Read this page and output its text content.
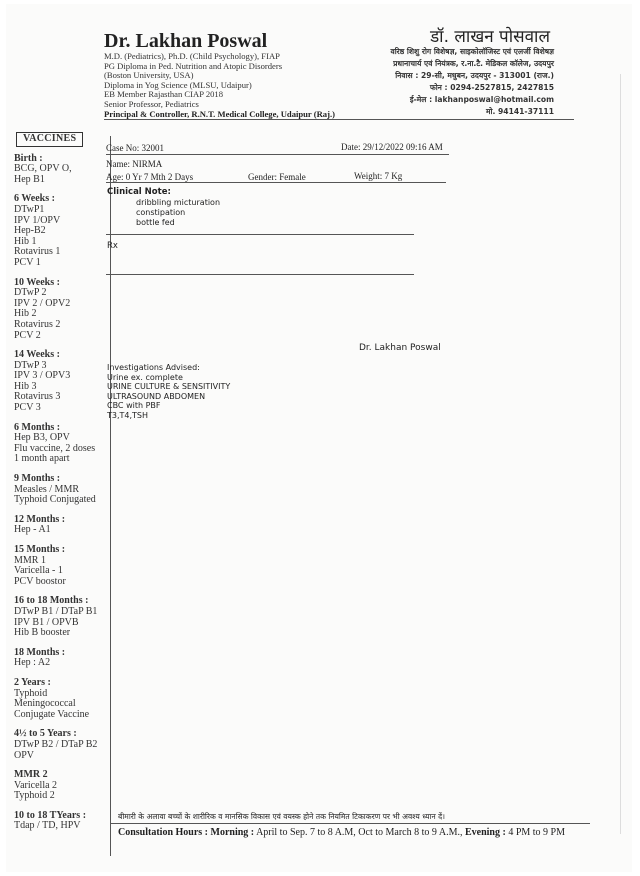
Dr. Lakhan Poswal
M.D. (Pediatrics), Ph.D. (Child Psychology), FIAP
PG Diploma in Ped. Nutrition and Atopic Disorders
(Boston University, USA)
Diploma in Yog Science (MLSU, Udaipur)
EB Member Rajasthan CIAP 2018
Senior Professor, Pediatrics
Principal & Controller, R.N.T. Medical College, Udaipur (Raj.)
डॉ. लाखन पोसवाल
वरिष्ठ शिशु रोग विशेषज्ञ, साइकोलॉजिस्ट एवं एलर्जी विशेषज्ञ
प्रधानाचार्य एवं नियंत्रक, र.ना.टै. मेडिकल कॉलेज, उदयपुर
निवास : 29-सी, मधुबन, उदयपुर - 313001 (राज.)
फोन : 0294-2527815, 2427815
ई-मेल : lakhanposwal@hotmail.com
मो. 94141-37111
VACCINES
Birth :
BCG, OPV O,
Hep B1
6 Weeks :
DTwP1
IPV 1/OPV
Hep-B2
Hib 1
Rotavirus 1
PCV 1
10 Weeks :
DTwP 2
IPV 2 / OPV2
Hib 2
Rotavirus 2
PCV 2
14 Weeks :
DTwP 3
IPV 3 / OPV3
Hib 3
Rotavirus 3
PCV 3
6 Months :
Hep B3, OPV
Flu vaccine, 2 doses
1 month apart
9 Months :
Measles / MMR
Typhoid Conjugated
12 Months :
Hep - A1
15 Months :
MMR 1
Varicella - 1
PCV boostor
16 to 18 Months :
DTwP B1 / DTaP B1
IPV B1 / OPVB
Hib B booster
18 Months :
Hep : A2
2 Years :
Typhoid
Meningococcal
Conjugate Vaccine
4½ to 5 Years :
DTwP B2 / DTaP B2
OPV
MMR 2
Varicella 2
Typhoid 2
10 to 18 TYears :
Tdap / TD, HPV
Case No: 32001	Date: 29/12/2022 09:16 AM
Name: NIRMA
Age: 0 Yr 7 Mth 2 Days	Gender: Female	Weight: 7 Kg
Clinical Note:
dribbling micturation
constipation
bottle fed
Rx
Dr. Lakhan Poswal
Investigations Advised:
Urine ex. complete
URINE CULTURE & SENSITIVITY
ULTRASOUND ABDOMEN
CBC with PBF
T3,T4,TSH
बीमारी के अलावा बच्चों के शारीरिक व मानसिक विकास एवं वयस्क होने तक नियमित टिकाकरण पर भी अवश्य ध्यान दें।
Consultation Hours : Morning : April to Sep. 7 to 8 A.M, Oct to March 8 to 9 A.M., Evening : 4 PM to 9 PM
